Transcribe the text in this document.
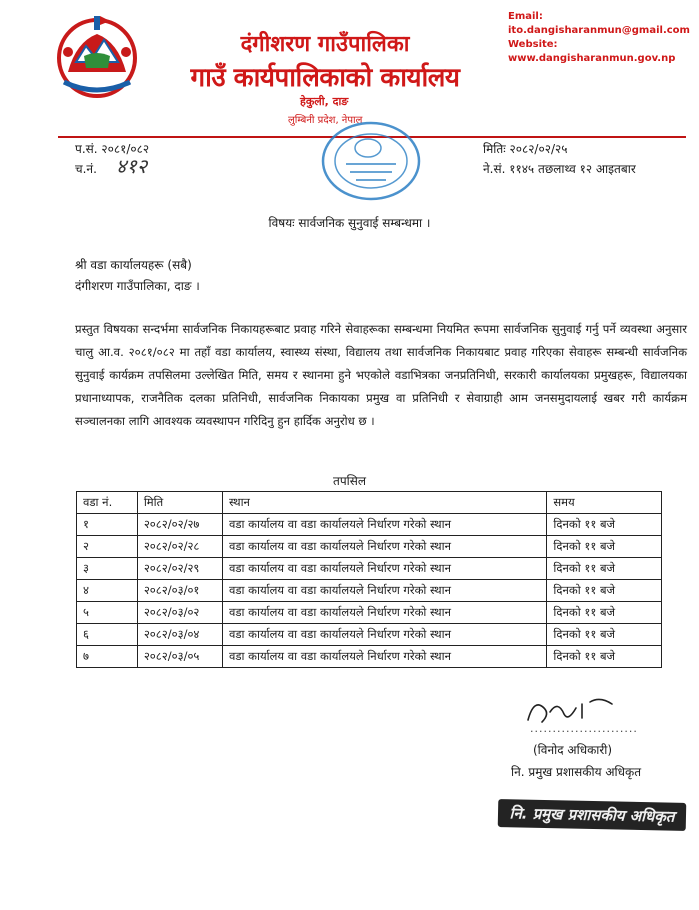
दंगीशरण गाउँपालिका
गाउँ कार्यपालिकाको कार्यालय
हेकुली, दाङ
लुम्बिनी प्रदेश, नेपाल
Email: ito.dangisharanmun@gmail.com
Website: www.dangisharanmun.gov.np
प.सं. २०८१/०८२
च.नं. ४१२
मितिः २०८२/०२/२५
ने.सं. ११४५ तछलाथ्व १२ आइतबार
विषयः सार्वजनिक सुनुवाई सम्बन्धमा ।
श्री वडा कार्यालयहरू (सबै)
दंगीशरण गाउँपालिका, दाङ ।
प्रस्तुत विषयका सन्दर्भमा सार्वजनिक निकायहरूबाट प्रवाह गरिने सेवाहरूका सम्बन्धमा नियमित रूपमा सार्वजनिक सुनुवाई गर्नु पर्ने व्यवस्था अनुसार चालु आ.व. २०८१/०८२ मा तहाँ वडा कार्यालय, स्वास्थ्य संस्था, विद्यालय तथा सार्वजनिक निकायबाट प्रवाह गरिएका सेवाहरू सम्बन्धी सार्वजनिक सुनुवाई कार्यक्रम तपसिलमा उल्लेखित मिति, समय र स्थानमा हुने भएकोले वडाभित्रका जनप्रतिनिधी, सरकारी कार्यालयका प्रमुखहरू, विद्यालयका प्रधानाध्यापक, राजनैतिक दलका प्रतिनिधी, सार्वजनिक निकायका प्रमुख वा प्रतिनिधी र सेवाग्राही आम जनसमुदायलाई खबर गरी कार्यक्रम सञ्चालनका लागि आवश्यक व्यवस्थापन गरिदिनु हुन हार्दिक अनुरोध छ ।
तपसिल
वडा नं.	मिति	स्थान	समय
१	२०८२/०२/२७	वडा कार्यालय वा वडा कार्यालयले निर्धारण गरेको स्थान	दिनको ११ बजे
२	२०८२/०२/२८	वडा कार्यालय वा वडा कार्यालयले निर्धारण गरेको स्थान	दिनको ११ बजे
३	२०८२/०२/२९	वडा कार्यालय वा वडा कार्यालयले निर्धारण गरेको स्थान	दिनको ११ बजे
४	२०८२/०३/०१	वडा कार्यालय वा वडा कार्यालयले निर्धारण गरेको स्थान	दिनको ११ बजे
५	२०८२/०३/०२	वडा कार्यालय वा वडा कार्यालयले निर्धारण गरेको स्थान	दिनको ११ बजे
६	२०८२/०३/०४	वडा कार्यालय वा वडा कार्यालयले निर्धारण गरेको स्थान	दिनको ११ बजे
७	२०८२/०३/०५	वडा कार्यालय वा वडा कार्यालयले निर्धारण गरेको स्थान	दिनको ११ बजे
........................
(विनोद अधिकारी)
नि. प्रमुख प्रशासकीय अधिकृत
नि. प्रमुख प्रशासकीय अधिकृत
